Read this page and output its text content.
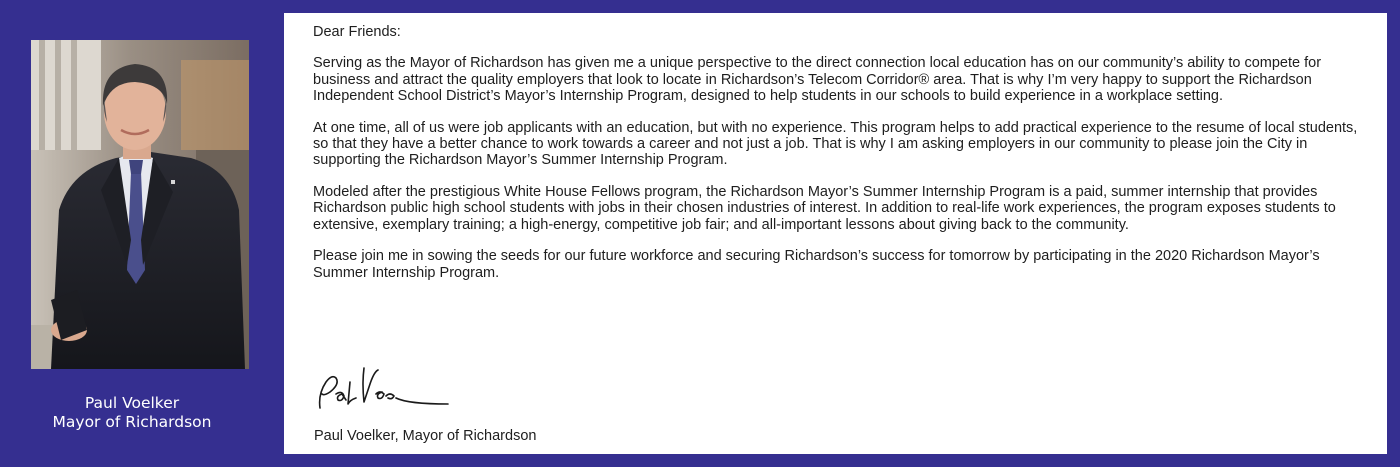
Paul Voelker
Mayor of Richardson

Dear Friends:

Serving as the Mayor of Richardson has given me a unique perspective to the direct connection local education has on our community’s ability to compete for business and attract the quality employers that look to locate in Richardson’s Telecom Corridor® area. That is why I’m very happy to support the Richardson Independent School District’s Mayor’s Internship Program, designed to help students in our schools to build experience in a workplace setting.

At one time, all of us were job applicants with an education, but with no experience. This program helps to add practical experience to the resume of local students, so that they have a better chance to work towards a career and not just a job. That is why I am asking employers in our community to please join the City in supporting the Richardson Mayor’s Summer Internship Program.

Modeled after the prestigious White House Fellows program, the Richardson Mayor’s Summer Internship Program is a paid, summer internship that provides Richardson public high school students with jobs in their chosen industries of interest. In addition to real-life work experiences, the program exposes students to extensive, exemplary training; a high-energy, competitive job fair; and all-important lessons about giving back to the community.

Please join me in sowing the seeds for our future workforce and securing Richardson’s success for tomorrow by participating in the 2020 Richardson Mayor’s Summer Internship Program.

Paul Voelker, Mayor of Richardson
